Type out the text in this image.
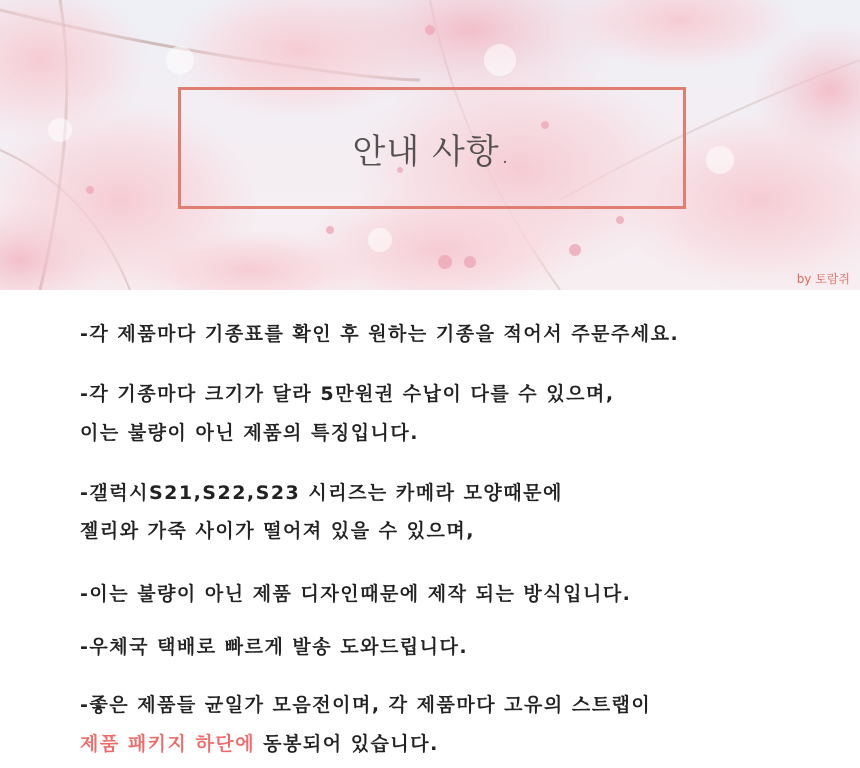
안내 사항.
by 토람쥐
-각 제품마다 기종표를 확인 후 원하는 기종을 적어서 주문주세요.
-각 기종마다 크기가 달라 5만원권 수납이 다를 수 있으며,
이는 불량이 아닌 제품의 특징입니다.
-갤럭시S21,S22,S23 시리즈는 카메라 모양때문에
젤리와 가죽 사이가 떨어져 있을 수 있으며,
-이는 불량이 아닌 제품 디자인때문에 제작 되는 방식입니다.
-우체국 택배로 빠르게 발송 도와드립니다.
-좋은 제품들 균일가 모음전이며, 각 제품마다 고유의 스트랩이
제품 패키지 하단에 동봉되어 있습니다.
